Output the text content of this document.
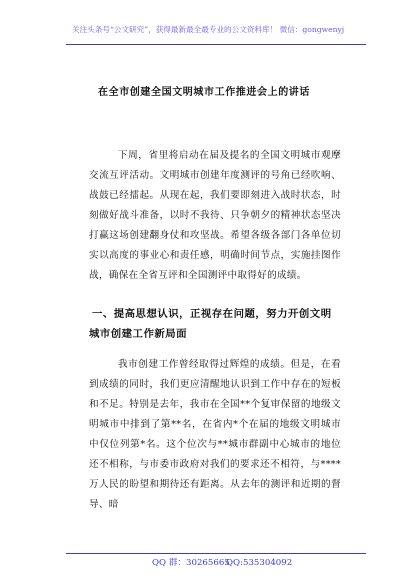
关注头条号“公文研究”，获得最新最全最专业的公文资料库！ 微信：gongwenyj
在全市创建全国文明城市工作推进会上的讲话

下周，省里将启动在届及提名的全国文明城市观摩交流互评活动。文明城市创建年度测评的号角已经吹响、战鼓已经擂起。从现在起，我们要即刻进入战时状态，时刻做好战斗准备，以时不我待、只争朝夕的精神状态坚决打赢这场创建翻身仗和攻坚战。希望各级各部门各单位切实以高度的事业心和责任感，明确时间节点，实施挂图作战，确保在全省互评和全国测评中取得好的成绩。

一、提高思想认识，正视存在问题，努力开创文明城市创建工作新局面

我市创建工作曾经取得过辉煌的成绩。但是，在看到成绩的同时，我们更应清醒地认识到工作中存在的短板和不足。特别是去年，我市在全国**个复审保留的地级文明城市中排到了第**名，在省内*个在届的地级文明城市中仅位列第*名。这个位次与**城市群副中心城市的地位还不相称，与市委市政府对我们的要求还不相符，与****万人民的盼望和期待还有距离。从去年的测评和近期的督导、暗

QQ 群：30265665
QQ:535304092
